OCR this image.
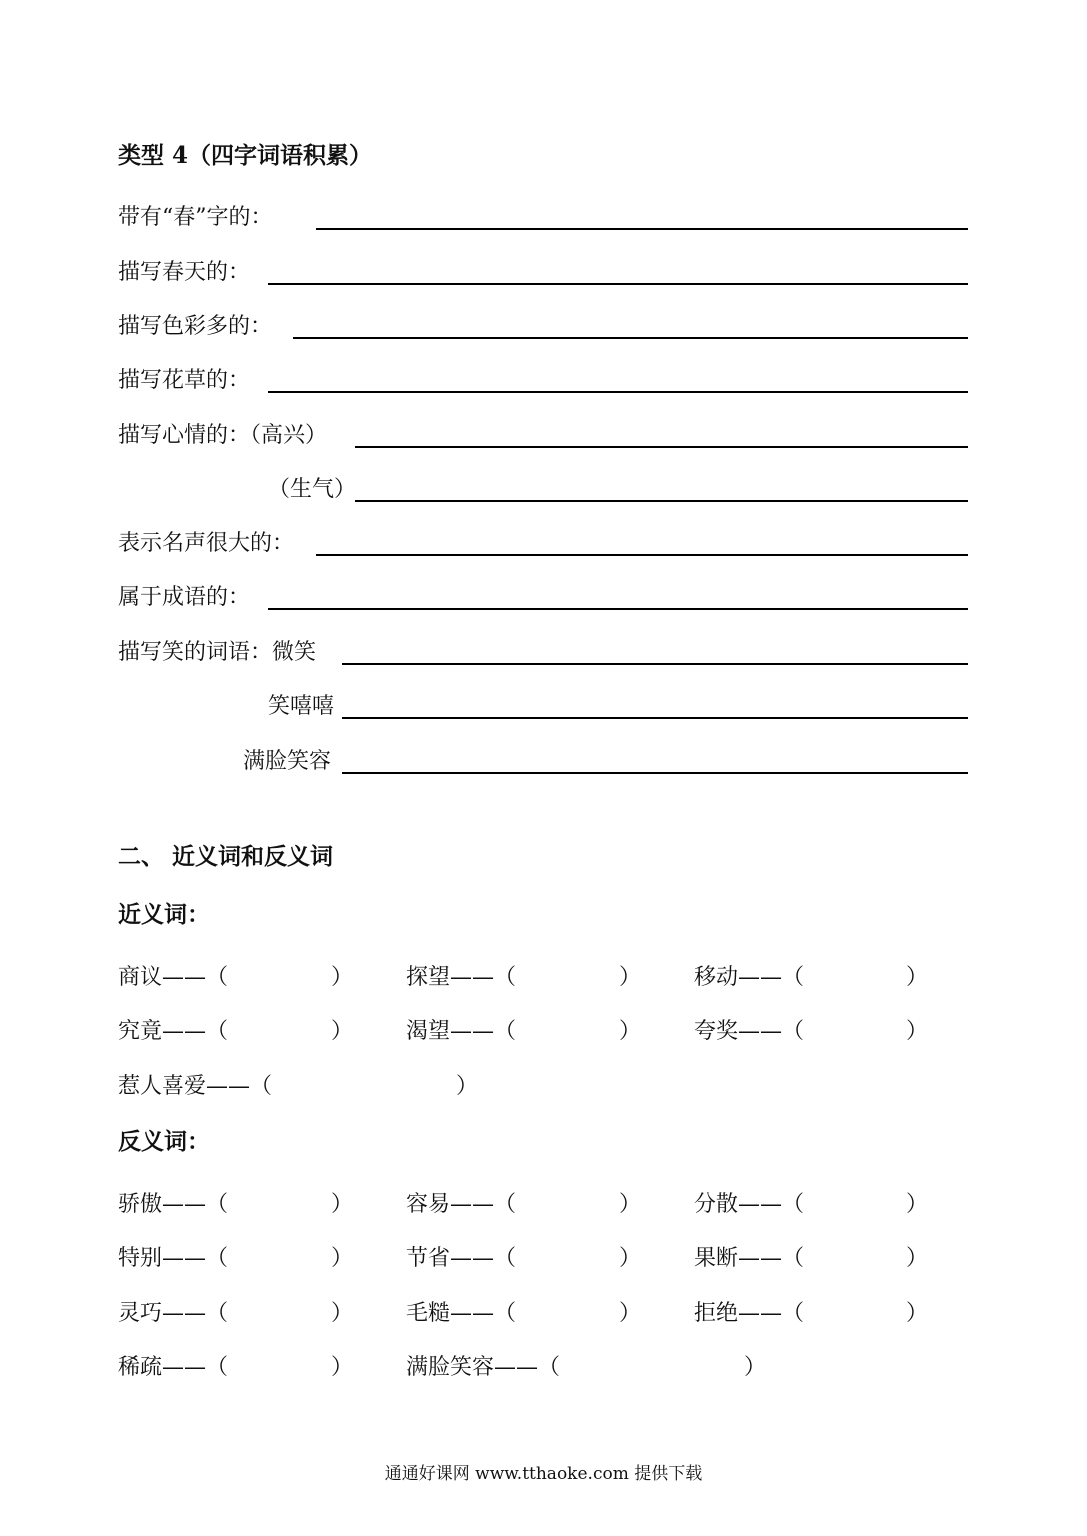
类型 4（四字词语积累）
带有“春”字的：
描写春天的：
描写色彩多的：
描写花草的：
描写心情的：（高兴）
（生气）
表示名声很大的：
属于成语的：
描写笑的词语：微笑
笑嘻嘻
满脸笑容
二、 近义词和反义词
近义词：
商议——（	） 探望——（	） 移动——（	）
究竟——（	） 渴望——（	） 夸奖——（	）
惹人喜爱——（	）
反义词：
骄傲——（	） 容易——（	） 分散——（	）
特别——（	） 节省——（	） 果断——（	）
灵巧——（	） 毛糙——（	） 拒绝——（	）
稀疏——（	） 满脸笑容——（	）
通通好课网 www.tthaoke.com 提供下载
